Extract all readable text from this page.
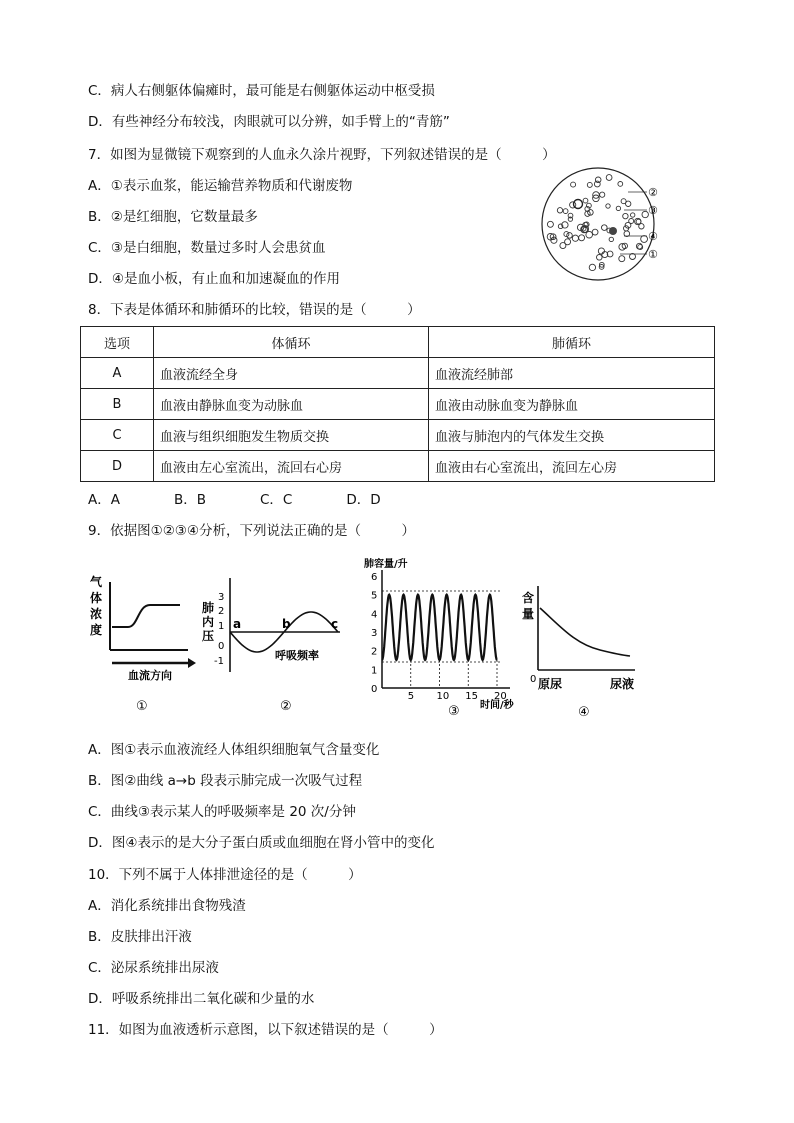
C．病人右侧躯体偏瘫时，最可能是右侧躯体运动中枢受损
D．有些神经分布较浅，肉眼就可以分辨，如手臂上的“青筋”
7．如图为显微镜下观察到的人血永久涂片视野，下列叙述错误的是（　　　）
A．①表示血浆，能运输营养物质和代谢废物
B．②是红细胞，它数量最多
C．③是白细胞，数量过多时人会患贫血
D．④是血小板，有止血和加速凝血的作用
②
③
④
①
8．下表是体循环和肺循环的比较，错误的是（　　　）
选项	体循环	肺循环
A	血液流经全身	血液流经肺部
B	血液由静脉血变为动脉血	血液由动脉血变为静脉血
C	血液与组织细胞发生物质交换	血液与肺泡内的气体发生交换
D	血液由左心室流出，流回右心房	血液由右心室流出，流回左心房
A．A　　　　B．B　　　　C．C　　　　D．D
9．依据图①②③④分析，下列说法正确的是（　　　）
气
体
浓
度
血流方向
①
肺
内
压
3
2
1
0
-1
a	b	c
呼吸频率
②
肺容量/升
6
5
4
3
2
1
0
5 10 15 20
时间/秒
③
含
量
0 原尿	尿液
④
A．图①表示血液流经人体组织细胞氧气含量变化
B．图②曲线 a→b 段表示肺完成一次吸气过程
C．曲线③表示某人的呼吸频率是 20 次/分钟
D．图④表示的是大分子蛋白质或血细胞在肾小管中的变化
10．下列不属于人体排泄途径的是（　　　）
A．消化系统排出食物残渣
B．皮肤排出汗液
C．泌尿系统排出尿液
D．呼吸系统排出二氧化碳和少量的水
11．如图为血液透析示意图，以下叙述错误的是（　　　）
